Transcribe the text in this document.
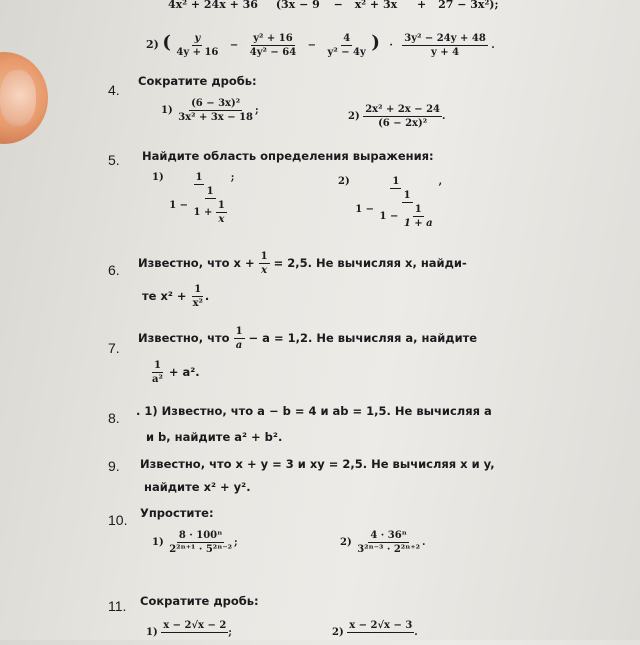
4x² + 24x + 36 (3x − 9 − x² + 3x + 27 − 3x²);
2) ( $\frac{y}{4y + 16} - \frac{\text{y² + 16}}{\text{4y² − 64}} - \frac{4}{\text{y² − 4y}}$ ) · $\frac{\text{3y² − 24y + 48}}{y + 4}$ .
4.
Сократите дробь:
$1) \frac{\text{(6 − 3x)²}}{\text{3x² + 3x − 18}}$ ;
$2) \frac{\text{2x² + 2x − 24}}{\text{(6 − 2x)²}}$ .
5. Найдите область определения выражения:
$1) \frac{1}{1 - \frac{1}{1 + \frac{1}{x}}}$ ;	$2) \frac{1}{1 - \frac{1}{1 - \frac{1}{1 + a}}}$ ,
6. Известно, что $x + \frac{1}{x} = 2,5$. Не вычисляя x, найди-
те $x^2 + \frac{1}{\text{x²}}$ .
7.
Известно, что $\frac{1}{a} - a = 1,2$. Не вычисляя a, найдите
$\frac{1}{\text{a²}} + a^2$.
8. . 1) Известно, что a − b = 4 и ab = 1,5. Не вычисляя a
и b, найдите a² + b².
9. Известно, что x + y = 3 и xy = 2,5. Не вычисляя x и y,
найдите x² + y².
10. Упростите:
$1) \frac{\text{8 · 100ⁿ}}{\text{2²ⁿ⁺¹ · 5²ⁿ⁻²}}$ ;	$2) \frac{\text{4 · 36ⁿ}}{\text{3²ⁿ⁻³ · 2²ⁿ⁺²}}$ .
11. Сократите дробь:
1)
x − 2√x − 2

;	2)
x − 2√x − 3

.
